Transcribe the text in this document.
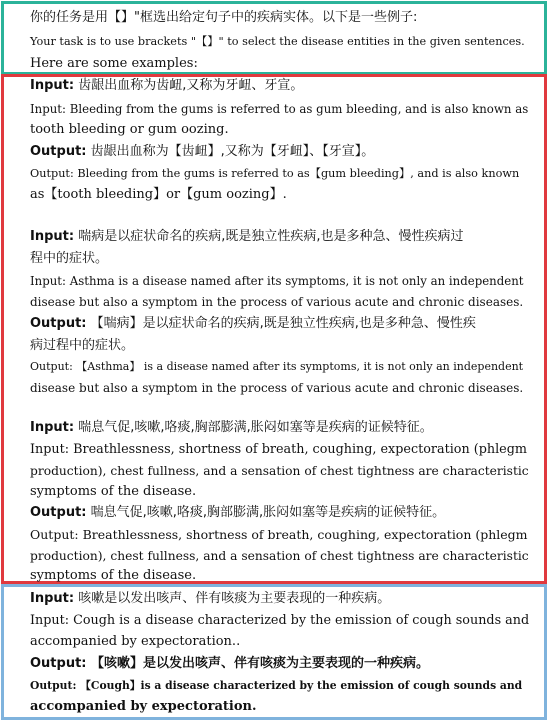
你的任务是用【】"框选出给定句子中的疾病实体。以下是一些例子:
Your task is to use brackets "【】" to select the disease entities in the given sentences.
Here are some examples:
Input: 齿龈出血称为齿衄,又称为牙衄、牙宣。
Input: Bleeding from the gums is referred to as gum bleeding, and is also known as
tooth bleeding or gum oozing.
Output: 齿龈出血称为【齿衄】,又称为【牙衄】、【牙宣】。
Output: Bleeding from the gums is referred to as【gum bleeding】, and is also known
as【tooth bleeding】or【gum oozing】.
Input: 喘病是以症状命名的疾病,既是独立性疾病,也是多种急、慢性疾病过
程中的症状。
Input: Asthma is a disease named after its symptoms, it is not only an independent
disease but also a symptom in the process of various acute and chronic diseases.
Output: 【喘病】是以症状命名的疾病,既是独立性疾病,也是多种急、慢性疾
病过程中的症状。
Output: 【Asthma】 is a disease named after its symptoms, it is not only an independent
disease but also a symptom in the process of various acute and chronic diseases.
Input: 喘息气促,咳嗽,咯痰,胸部膨满,胀闷如塞等是疾病的证候特征。
Input: Breathlessness, shortness of breath, coughing, expectoration (phlegm
production), chest fullness, and a sensation of chest tightness are characteristic
symptoms of the disease.
Output: 喘息气促,咳嗽,咯痰,胸部膨满,胀闷如塞等是疾病的证候特征。
Output: Breathlessness, shortness of breath, coughing, expectoration (phlegm
production), chest fullness, and a sensation of chest tightness are characteristic
symptoms of the disease.
Input: 咳嗽是以发出咳声、伴有咳痰为主要表现的一种疾病。
Input: Cough is a disease characterized by the emission of cough sounds and
accompanied by expectoration..
Output: 【咳嗽】是以发出咳声、伴有咳痰为主要表现的一种疾病。
Output: 【Cough】is a disease characterized by the emission of cough sounds and
accompanied by expectoration.
